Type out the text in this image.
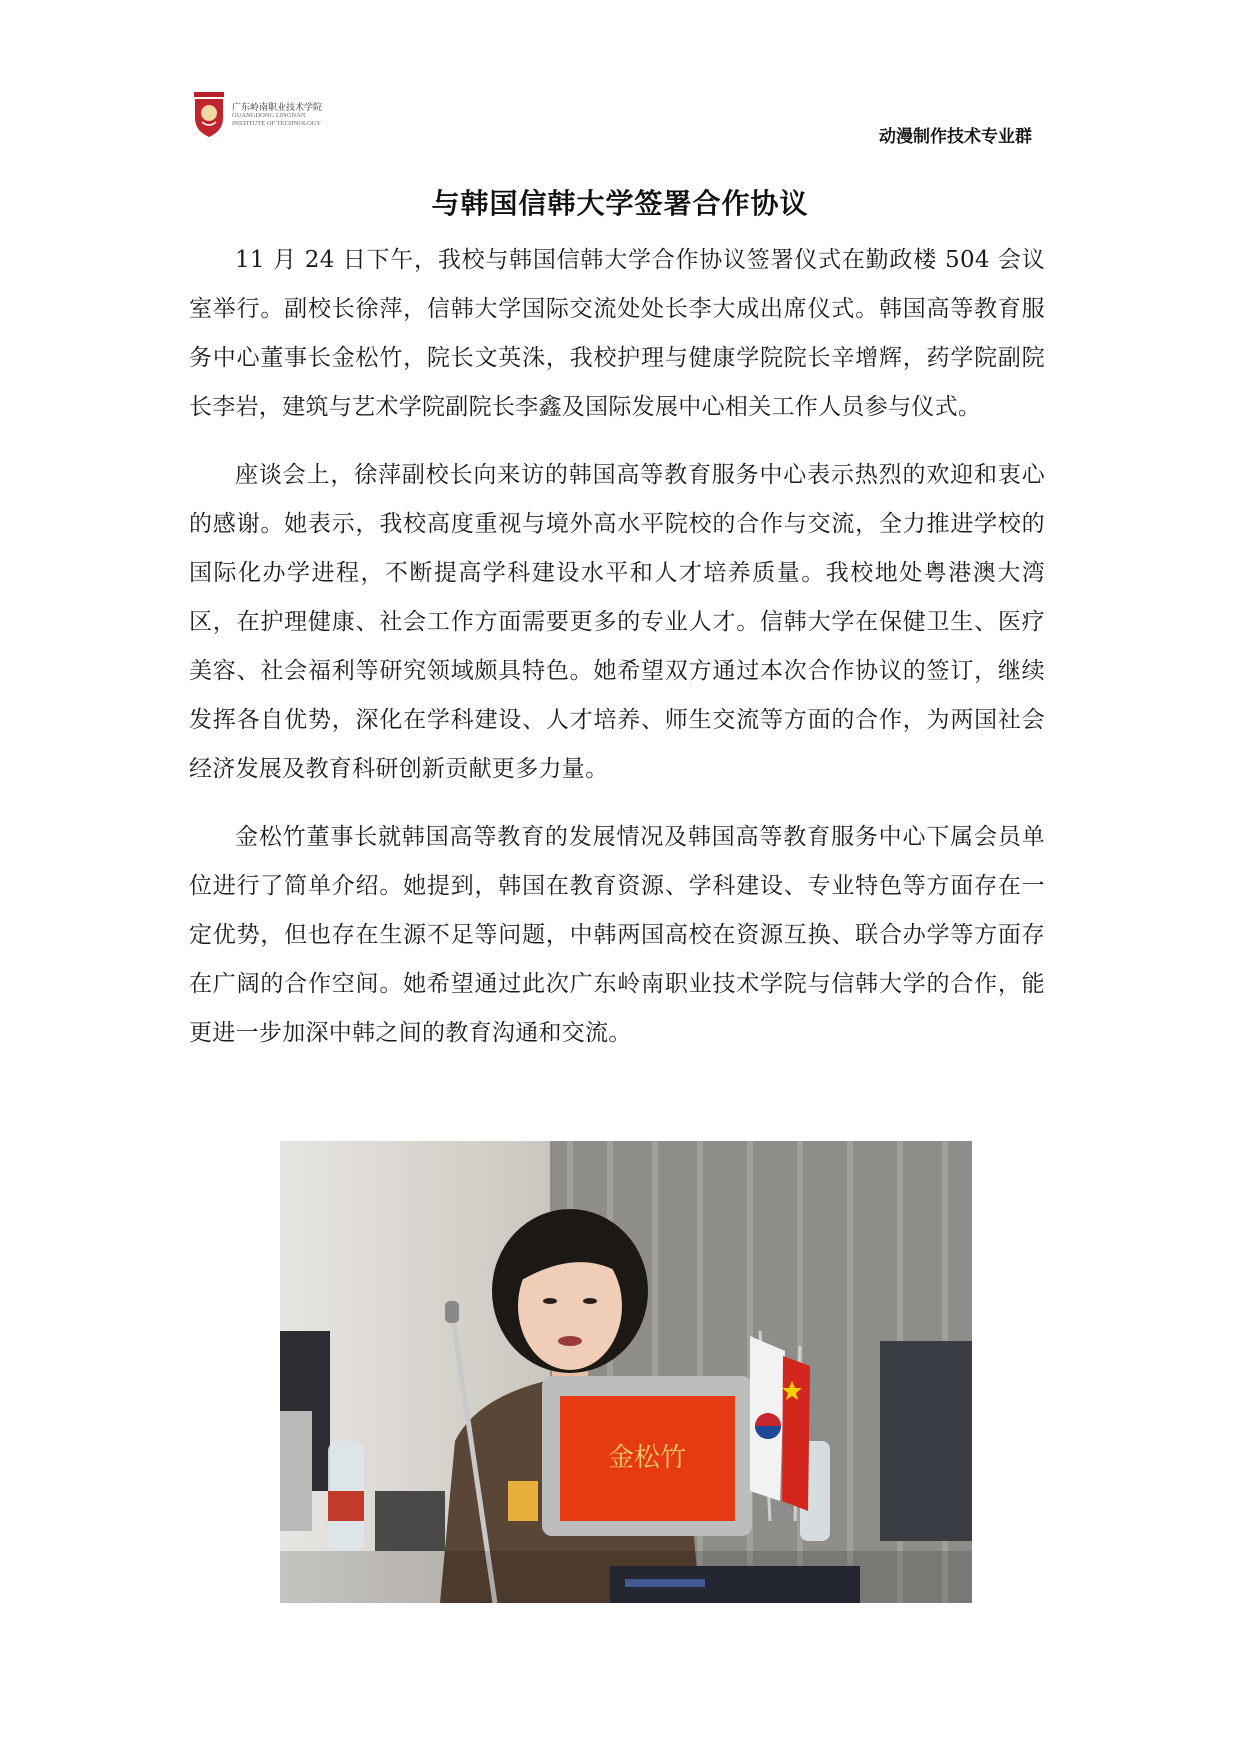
广东岭南职业技术学院
GUANGDONG LINGNAN INSTITUTE OF TECHNOLOGY
动漫制作技术专业群
与韩国信韩大学签署合作协议

11 月 24 日下午，我校与韩国信韩大学合作协议签署仪式在勤政楼 504 会议室举行。副校长徐萍，信韩大学国际交流处处长李大成出席仪式。韩国高等教育服务中心董事长金松竹，院长文英洙，我校护理与健康学院院长辛增辉，药学院副院长李岩，建筑与艺术学院副院长李鑫及国际发展中心相关工作人员参与仪式。

座谈会上，徐萍副校长向来访的韩国高等教育服务中心表示热烈的欢迎和衷心的感谢。她表示，我校高度重视与境外高水平院校的合作与交流，全力推进学校的国际化办学进程，不断提高学科建设水平和人才培养质量。我校地处粤港澳大湾区，在护理健康、社会工作方面需要更多的专业人才。信韩大学在保健卫生、医疗美容、社会福利等研究领域颇具特色。她希望双方通过本次合作协议的签订，继续发挥各自优势，深化在学科建设、人才培养、师生交流等方面的合作，为两国社会经济发展及教育科研创新贡献更多力量。

金松竹董事长就韩国高等教育的发展情况及韩国高等教育服务中心下属会员单位进行了简单介绍。她提到，韩国在教育资源、学科建设、专业特色等方面存在一定优势，但也存在生源不足等问题，中韩两国高校在资源互换、联合办学等方面存在广阔的合作空间。她希望通过此次广东岭南职业技术学院与信韩大学的合作，能更进一步加深中韩之间的教育沟通和交流。

金松竹
